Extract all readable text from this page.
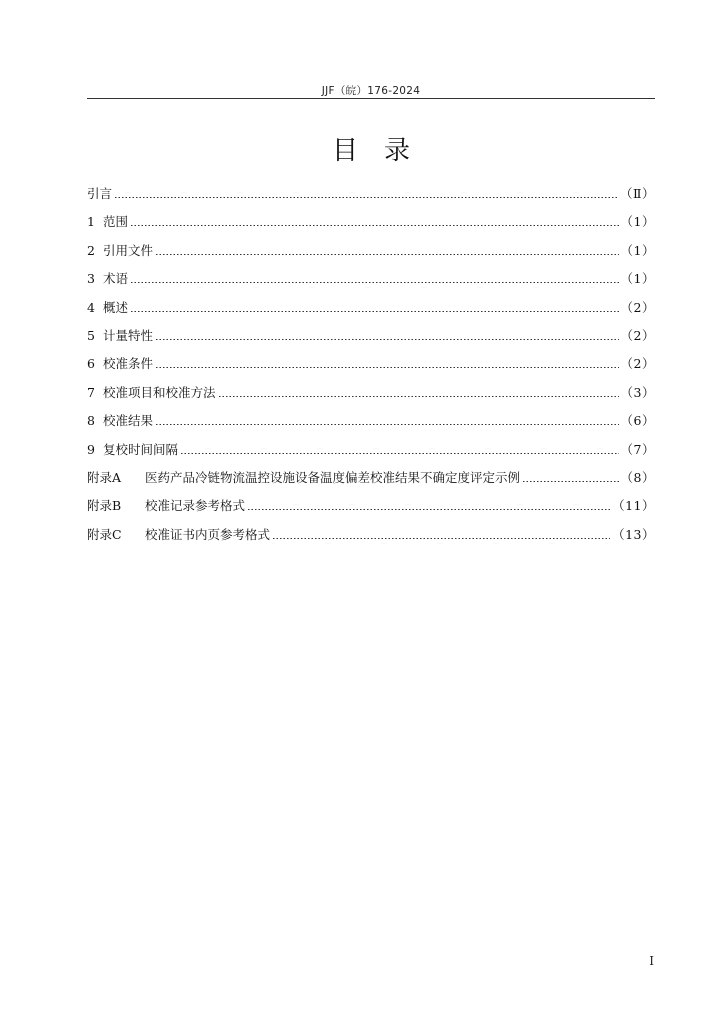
JJF（皖）176-2024
目录
引言	（Ⅱ）
1 范围	（1）
2 引用文件	（1）
3 术语	（1）
4 概述	（2）
5 计量特性	（2）
6 校准条件	（2）
7 校准项目和校准方法	（3）
8 校准结果	（6）
9 复校时间间隔	（7）
附录A	医药产品冷链物流温控设施设备温度偏差校准结果不确定度评定示例	（8）
附录B	校准记录参考格式	（11）
附录C	校准证书内页参考格式	（13）
I
